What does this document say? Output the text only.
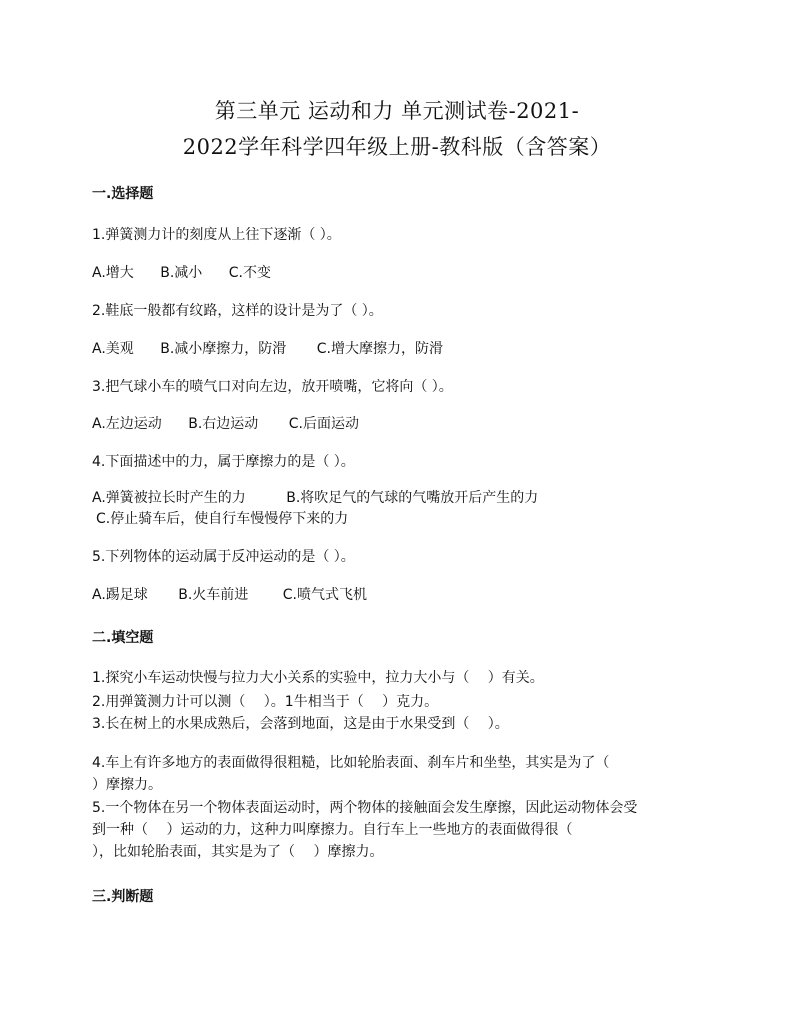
第三单元 运动和力 单元测试卷-2021-
2022学年科学四年级上册-教科版（含答案）
一.选择题
1.弹簧测力计的刻度从上往下逐渐（ ）。
A.增大 B.减小 C.不变
2.鞋底一般都有纹路，这样的设计是为了（ ）。
A.美观 B.减小摩擦力，防滑 C.增大摩擦力，防滑
3.把气球小车的喷气口对向左边，放开喷嘴，它将向（ ）。
A.左边运动 B.右边运动 C.后面运动
4.下面描述中的力，属于摩擦力的是（ ）。
A.弹簧被拉长时产生的力	B.将吹足气的气球的气嘴放开后产生的力
C.停止骑车后，使自行车慢慢停下来的力
5.下列物体的运动属于反冲运动的是（ ）。
A.踢足球 B.火车前进 C.喷气式飞机
二.填空题
1.探究小车运动快慢与拉力大小关系的实验中，拉力大小与（　 ）有关。
2.用弹簧测力计可以测（　 ）。1牛相当于（　 ）克力。
3.长在树上的水果成熟后，会落到地面，这是由于水果受到（　 ）。
4.车上有许多地方的表面做得很粗糙，比如轮胎表面、刹车片和坐垫，其实是为了（
）摩擦力。
5.一个物体在另一个物体表面运动时，两个物体的接触面会发生摩擦，因此运动物体会受
到一种（　 ）运动的力，这种力叫摩擦力。自行车上一些地方的表面做得很（
），比如轮胎表面，其实是为了（　 ）摩擦力。
三.判断题
